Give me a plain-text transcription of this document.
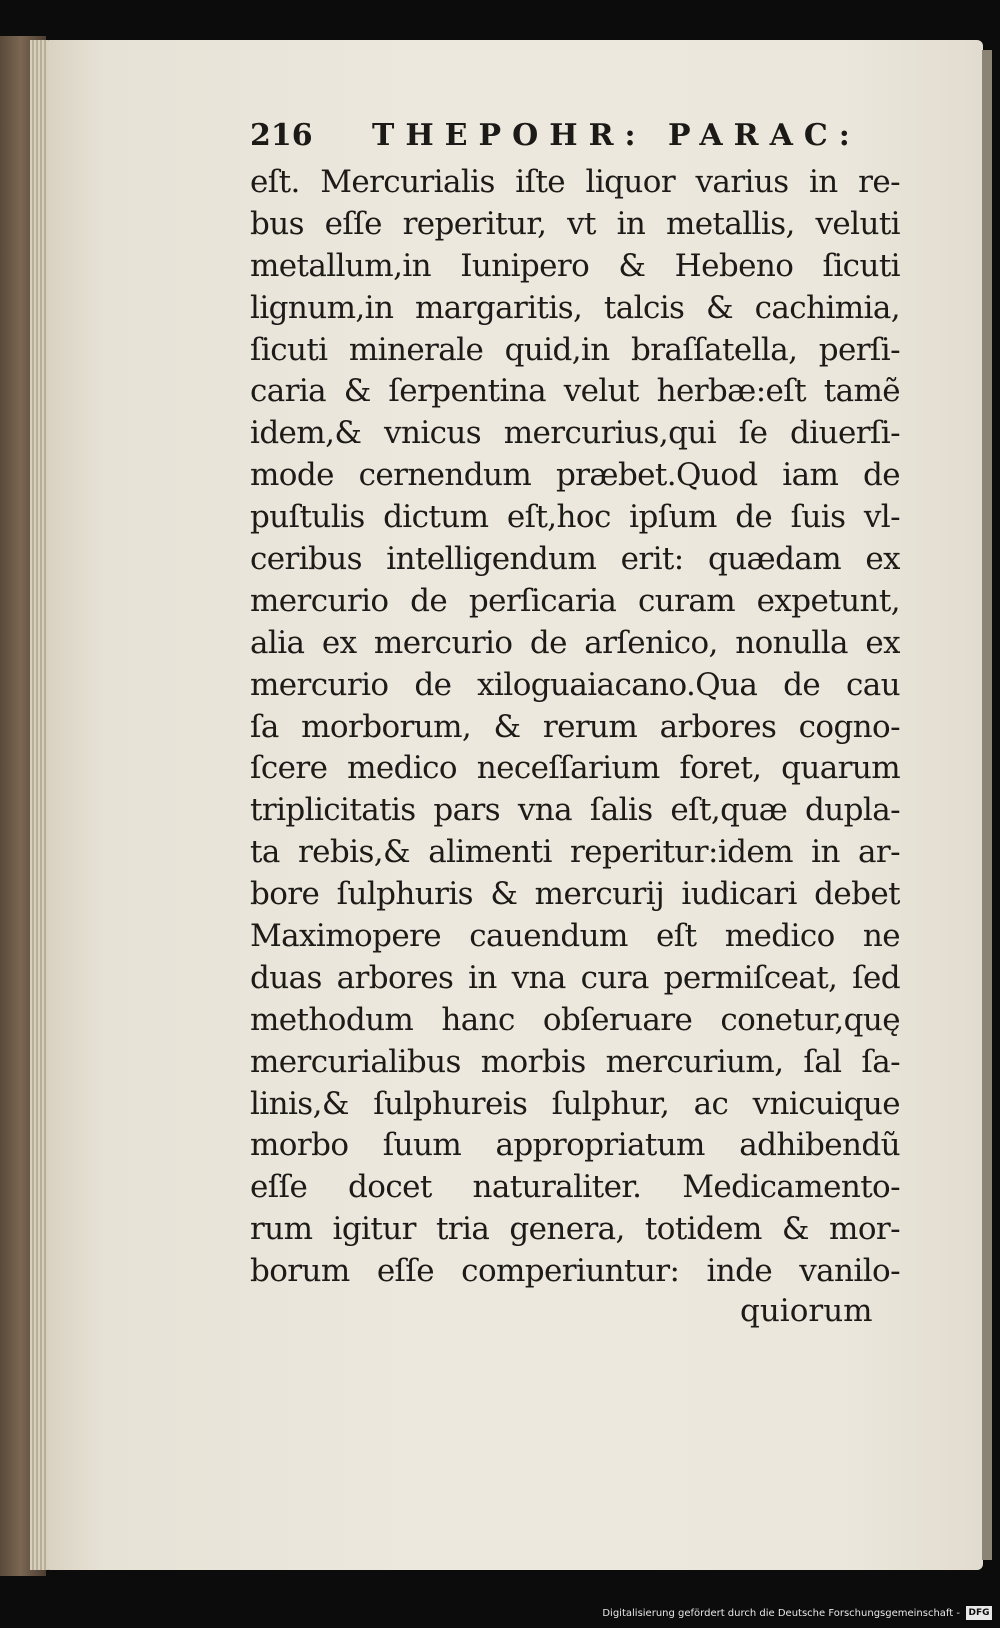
216 THEPOHR: PARAC:
eſt. Mercurialis iſte liquor varius in re-
bus eſſe reperitur, vt in metallis, veluti
metallum,in Iunipero & Hebeno ſicuti
lignum,in margaritis, talcis & cachimia,
ſicuti minerale quid,in braſſatella, perſi-
caria & ſerpentina velut herbæ:eſt tamẽ
idem,& vnicus mercurius,qui ſe diuerſi-
mode cernendum præbet.Quod iam de
puſtulis dictum eſt,hoc ipſum de ſuis vl-
ceribus intelligendum erit: quædam ex
mercurio de perſicaria curam expetunt,
alia ex mercurio de arſenico, nonulla ex
mercurio de xiloguaiacano.Qua de cau
ſa morborum, & rerum arbores cogno-
ſcere medico neceſſarium foret, quarum
triplicitatis pars vna ſalis eſt,quæ dupla-
ta rebis,& alimenti reperitur:idem in ar-
bore ſulphuris & mercurij iudicari debet
Maximopere cauendum eſt medico ne
duas arbores in vna cura permiſceat, ſed
methodum hanc obſeruare conetur,quę
mercurialibus morbis mercurium, ſal ſa-
linis,& ſulphureis ſulphur, ac vnicuique
morbo ſuum appropriatum adhibendũ
eſſe docet naturaliter. Medicamento-
rum igitur tria genera, totidem & mor-
borum eſſe comperiuntur: inde vanilo-
quiorum
Digitalisierung gefördert durch die Deutsche Forschungsgemeinschaft - DFG
